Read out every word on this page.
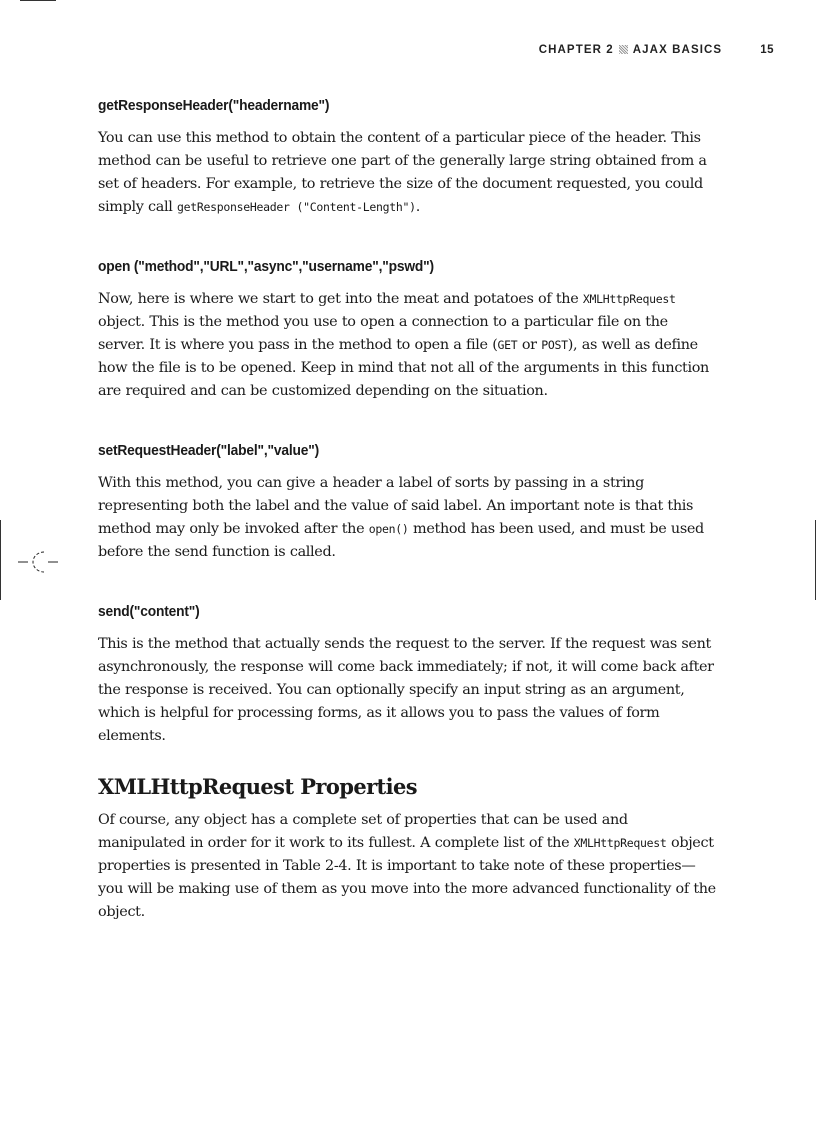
CHAPTER 2 AJAX BASICS	15
getResponseHeader("headername")

You can use this method to obtain the content of a particular piece of the header. This method can be useful to retrieve one part of the generally large string obtained from a set of headers. For example, to retrieve the size of the document requested, you could simply call getResponseHeader ("Content-Length").

open ("method","URL","async","username","pswd")

Now, here is where we start to get into the meat and potatoes of the XMLHttpRequest object. This is the method you use to open a connection to a particular file on the server. It is where you pass in the method to open a file (GET or POST), as well as define how the file is to be opened. Keep in mind that not all of the arguments in this function are required and can be customized depending on the situation.

setRequestHeader("label","value")

With this method, you can give a header a label of sorts by passing in a string representing both the label and the value of said label. An important note is that this method may only be invoked after the open() method has been used, and must be used before the send function is called.

send("content")

This is the method that actually sends the request to the server. If the request was sent asynchronously, the response will come back immediately; if not, it will come back after the response is received. You can optionally specify an input string as an argument, which is helpful for processing forms, as it allows you to pass the values of form elements.

XMLHttpRequest Properties

Of course, any object has a complete set of properties that can be used and manipulated in order for it work to its fullest. A complete list of the XMLHttpRequest object properties is presented in Table 2-4. It is important to take note of these properties—you will be making use of them as you move into the more advanced functionality of the object.
